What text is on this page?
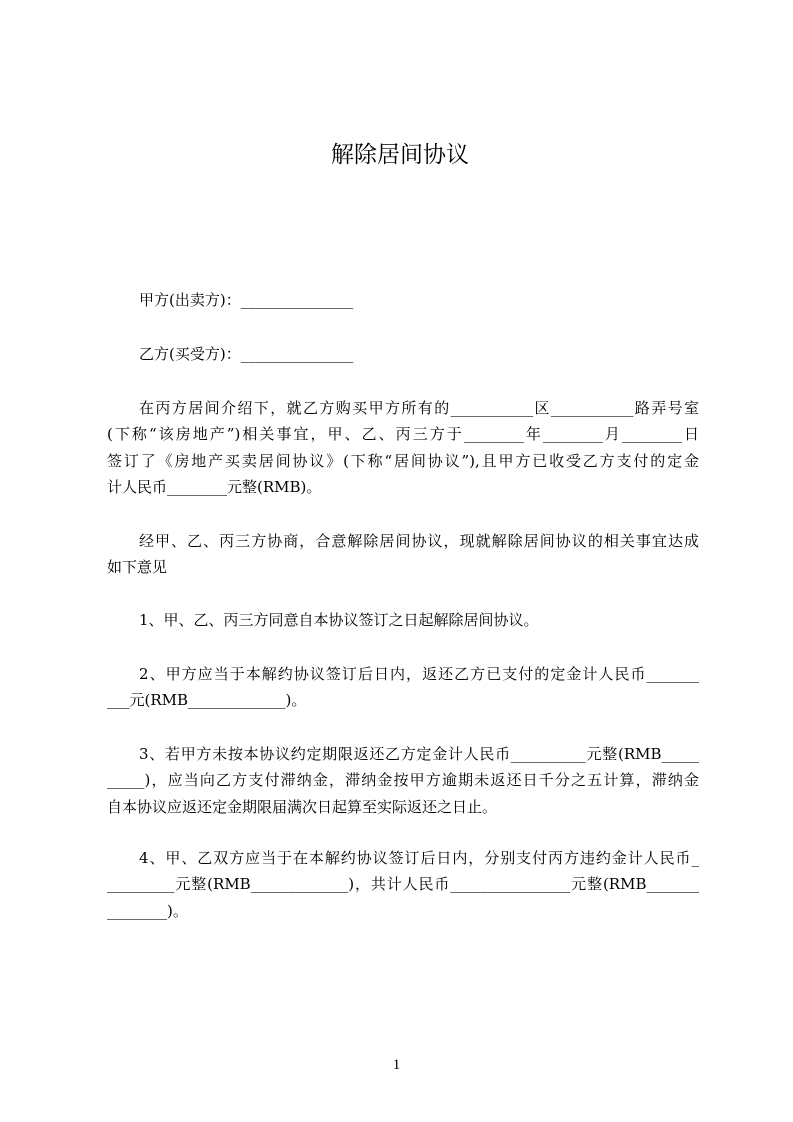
解除居间协议
甲方(出卖方)：_______________
乙方(买受方)：_______________
在丙方居间介绍下，就乙方购买甲方所有的___________区___________路弄号室
(下称“该房地产”)相关事宜，甲、乙、丙三方于________年________月________日
签订了《房地产买卖居间协议》(下称“居间协议”),且甲方已收受乙方支付的定金
计人民币________元整(RMB)。
经甲、乙、丙三方协商，合意解除居间协议，现就解除居间协议的相关事宜达成
如下意见
1、甲、乙、丙三方同意自本协议签订之日起解除居间协议。
2、甲方应当于本解约协议签订后日内，返还乙方已支付的定金计人民币_______
___元(RMB_____________)。
3、若甲方未按本协议约定期限返还乙方定金计人民币__________元整(RMB_____
_____)，应当向乙方支付滞纳金，滞纳金按甲方逾期未返还日千分之五计算，滞纳金
自本协议应返还定金期限届满次日起算至实际返还之日止。
4、甲、乙双方应当于在本解约协议签订后日内，分别支付丙方违约金计人民币_
_________元整(RMB_____________)，共计人民币________________元整(RMB_______
________)。
1
